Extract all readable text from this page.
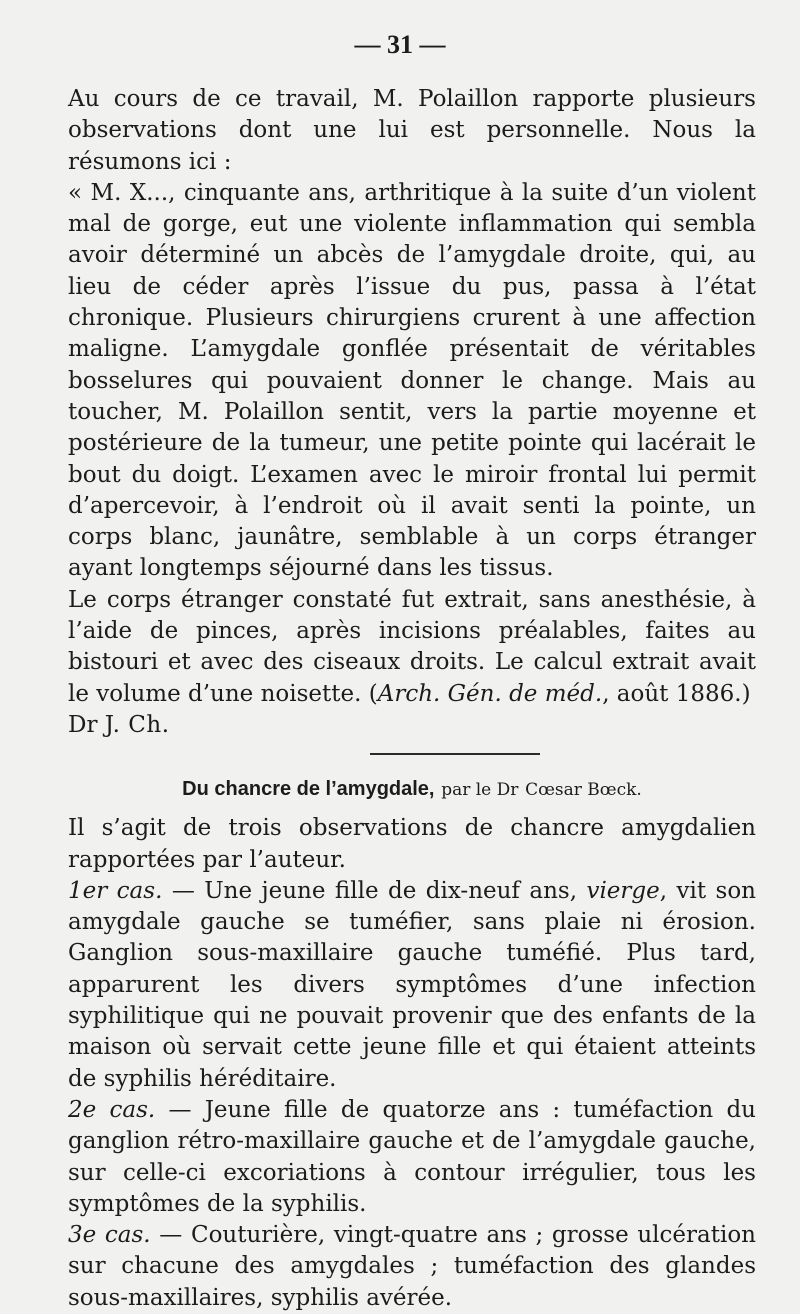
— 31 —

Au cours de ce travail, M. Polaillon rapporte plusieurs observations dont une lui est personnelle. Nous la résumons ici :

« M. X..., cinquante ans, arthritique à la suite d’un violent mal de gorge, eut une violente inflammation qui sembla avoir déterminé un abcès de l’amygdale droite, qui, au lieu de céder après l’issue du pus, passa à l’état chronique. Plusieurs chirurgiens crurent à une affection maligne. L’amygdale gonflée présentait de véritables bosselures qui pouvaient donner le change. Mais au toucher, M. Polaillon sentit, vers la partie moyenne et postérieure de la tumeur, une petite pointe qui lacérait le bout du doigt. L’examen avec le miroir frontal lui permit d’apercevoir, à l’endroit où il avait senti la pointe, un corps blanc, jaunâtre, semblable à un corps étranger ayant longtemps séjourné dans les tissus.

Le corps étranger constaté fut extrait, sans anesthésie, à l’aide de pinces, après incisions préalables, faites au bistouri et avec des ciseaux droits. Le calcul extrait avait le volume d’une noisette. (Arch. Gén. de méd., août 1886.)

Dr J. Ch.

Du chancre de l’amygdale, par le Dr Cœsar Bœck.

Il s’agit de trois observations de chancre amygdalien rapportées par l’auteur.

1er cas. — Une jeune fille de dix-neuf ans, vierge, vit son amygdale gauche se tuméfier, sans plaie ni érosion. Ganglion sous-maxillaire gauche tuméfié. Plus tard, apparurent les divers symptômes d’une infection syphilitique qui ne pouvait provenir que des enfants de la maison où servait cette jeune fille et qui étaient atteints de syphilis héréditaire.

2e cas. — Jeune fille de quatorze ans : tuméfaction du ganglion rétro-maxillaire gauche et de l’amygdale gauche, sur celle-ci excoriations à contour irrégulier, tous les symptômes de la syphilis.

3e cas. — Couturière, vingt-quatre ans ; grosse ulcération sur chacune des amygdales ; tuméfaction des glandes sous-maxillaires, syphilis avérée.
